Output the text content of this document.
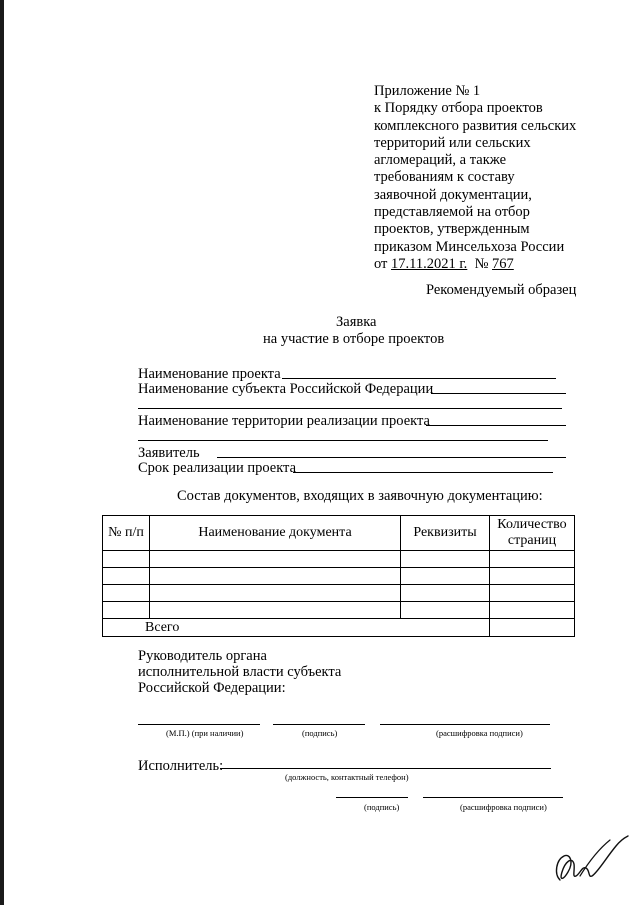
Приложение № 1
к Порядку отбора проектов
комплексного развития сельских
территорий или сельских
агломераций, а также
требованиям к составу
заявочной документации,
представляемой на отбор
проектов, утвержденным
приказом Минсельхоза России
от 17.11.2021 г. № 767
Рекомендуемый образец
Заявка
на участие в отборе проектов
Наименование проекта
Наименование субъекта Российской Федерации
Наименование территории реализации проекта
Заявитель
Срок реализации проекта
Состав документов, входящих в заявочную документацию:
№ п/п	Наименование документа	Реквизиты	Количество страниц

Всего			
Руководитель органа
исполнительной власти субъекта
Российской Федерации:
(М.П.) (при наличии)	(подпись)	(расшифровка подписи)
Исполнитель:
(должность, контактный телефон)
(подпись)	(расшифровка подписи)
